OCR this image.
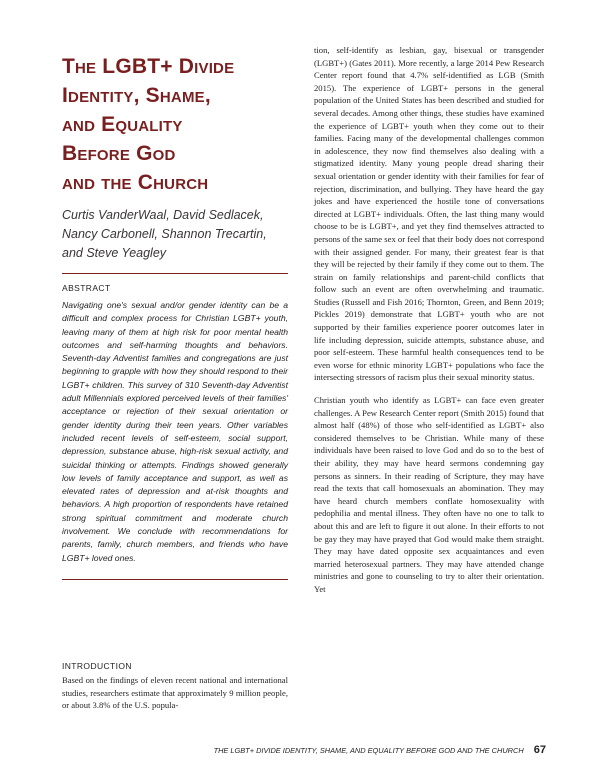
The LGBT+ Divide
Identity, Shame,
and Equality
Before God
and the Church
Curtis VanderWaal, David Sedlacek,
Nancy Carbonell, Shannon Trecartin,
and Steve Yeagley
ABSTRACT

Navigating one's sexual and/or gender identity can be a difficult and complex process for Christian LGBT+ youth, leaving many of them at high risk for poor mental health outcomes and self-harming thoughts and behaviors. Seventh-day Adventist families and congregations are just beginning to grapple with how they should respond to their LGBT+ children. This survey of 310 Seventh-day Adventist adult Millennials explored perceived levels of their families' acceptance or rejection of their sexual orientation or gender identity during their teen years. Other variables included recent levels of self-esteem, social support, depression, substance abuse, high-risk sexual activity, and suicidal thinking or attempts. Findings showed generally low levels of family acceptance and support, as well as elevated rates of depression and at-risk thoughts and behaviors. A high proportion of respondents have retained strong spiritual commitment and moderate church involvement. We conclude with recommendations for parents, family, church members, and friends who have LGBT+ loved ones.

INTRODUCTION

Based on the findings of eleven recent national and international studies, researchers estimate that approximately 9 million people, or about 3.8% of the U.S. popula-

tion, self-identify as lesbian, gay, bisexual or transgender (LGBT+) (Gates 2011). More recently, a large 2014 Pew Research Center report found that 4.7% self-identified as LGB (Smith 2015). The experience of LGBT+ persons in the general population of the United States has been described and studied for several decades. Among other things, these studies have examined the experience of LGBT+ youth when they come out to their families. Facing many of the developmental challenges common in adolescence, they now find themselves also dealing with a stigmatized identity. Many young people dread sharing their sexual orientation or gender identity with their families for fear of rejection, discrimination, and bullying. They have heard the gay jokes and have experienced the hostile tone of conversations directed at LGBT+ individuals. Often, the last thing many would choose to be is LGBT+, and yet they find themselves attracted to persons of the same sex or feel that their body does not correspond with their assigned gender. For many, their greatest fear is that they will be rejected by their family if they come out to them. The strain on family relationships and parent-child conflicts that follow such an event are often overwhelming and traumatic. Studies (Russell and Fish 2016; Thornton, Green, and Benn 2019; Pickles 2019) demonstrate that LGBT+ youth who are not supported by their families experience poorer outcomes later in life including depression, suicide attempts, substance abuse, and poor self-esteem. These harmful health consequences tend to be even worse for ethnic minority LGBT+ populations who face the intersecting stressors of racism plus their sexual minority status.

Christian youth who identify as LGBT+ can face even greater challenges. A Pew Research Center report (Smith 2015) found that almost half (48%) of those who self-identified as LGBT+ also considered themselves to be Christian. While many of these individuals have been raised to love God and do so to the best of their ability, they may have heard sermons condemning gay persons as sinners. In their reading of Scripture, they may have read the texts that call homosexuals an abomination. They may have heard church members conflate homosexuality with pedophilia and mental illness. They often have no one to talk to about this and are left to figure it out alone. In their efforts to not be gay they may have prayed that God would make them straight. They may have dated opposite sex acquaintances and even married heterosexual partners. They may have attended change ministries and gone to counseling to try to alter their orientation. Yet

THE LGBT+ DIVIDE IDENTITY, SHAME, AND EQUALITY BEFORE GOD AND THE CHURCH 67
